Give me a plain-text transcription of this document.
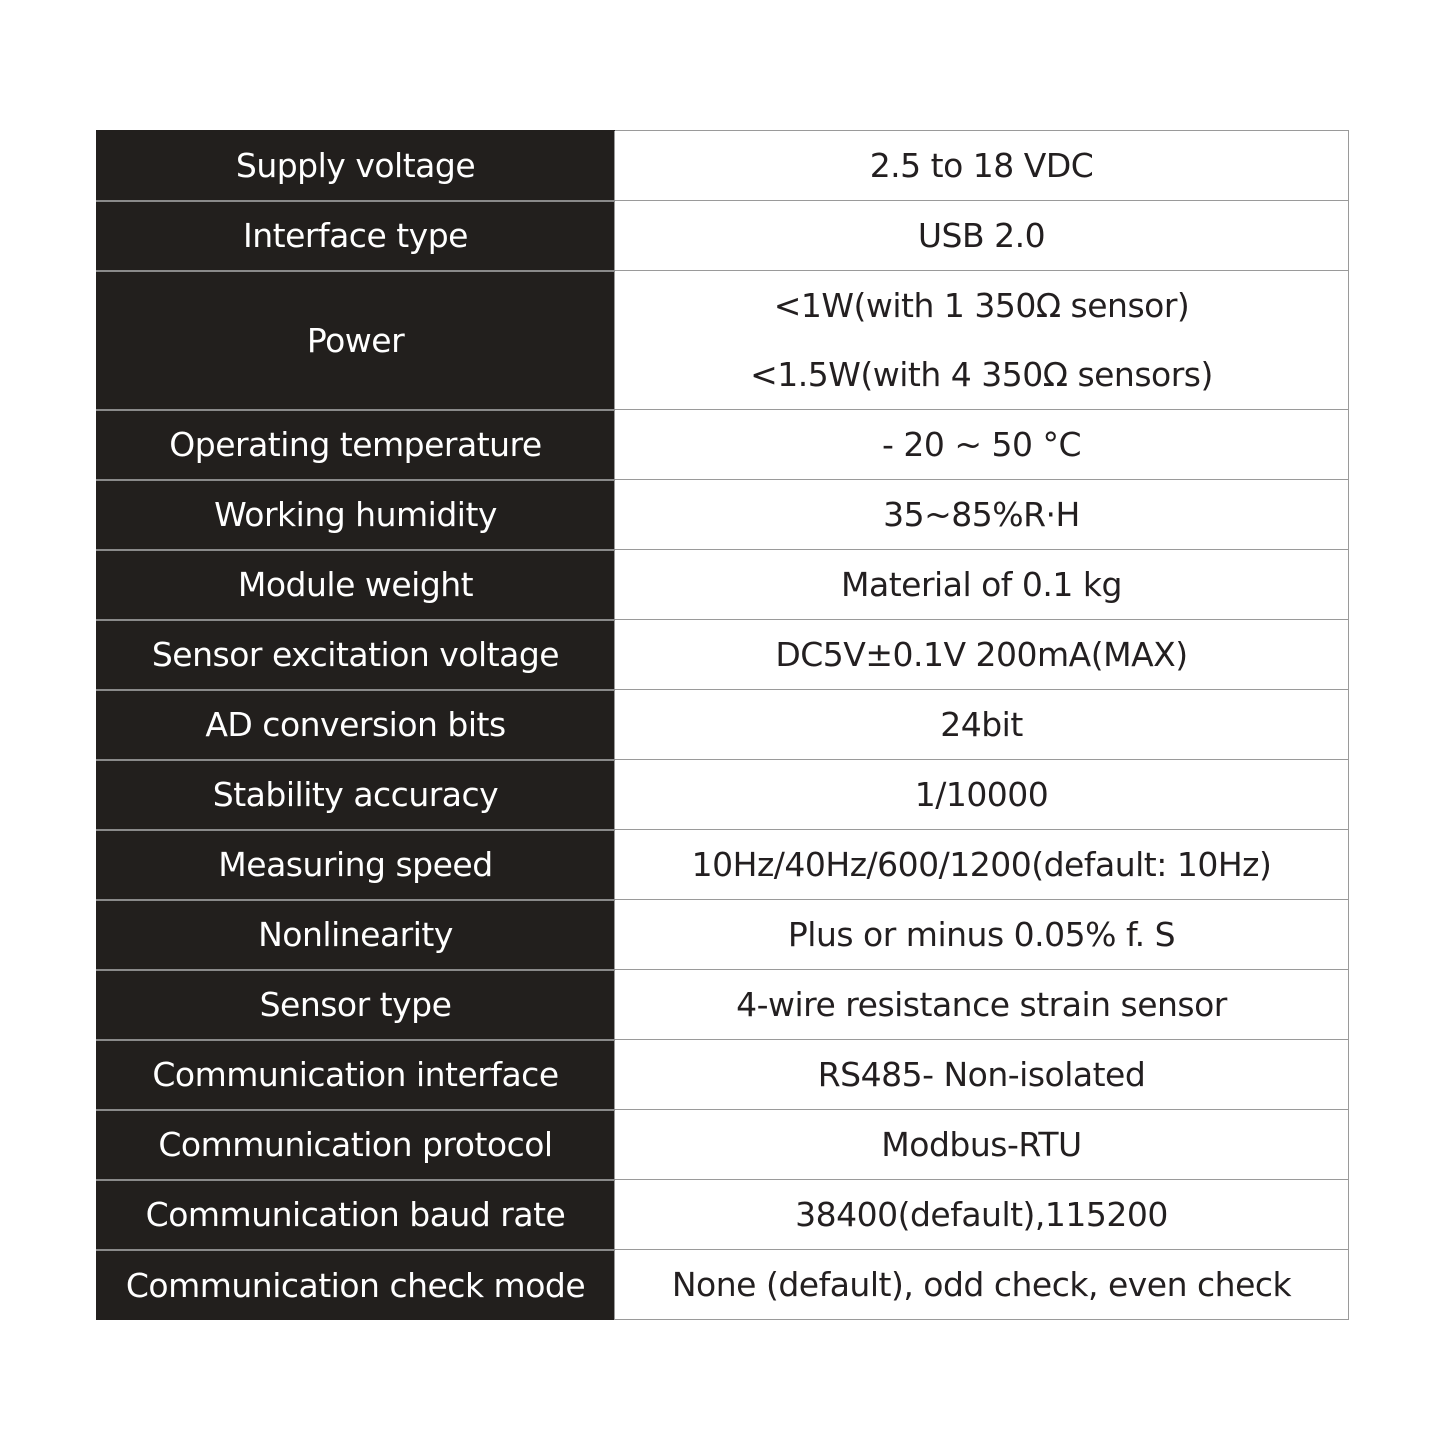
Supply voltage	2.5 to 18 VDC

Interface type	USB 2.0

Power	<1W(with 1 350Ω sensor)
<1.5W(with 4 350Ω sensors)

Operating temperature	- 20 ~ 50 °C

Working humidity	35~85%R·H

Module weight	Material of 0.1 kg

Sensor excitation voltage	DC5V±0.1V 200mA(MAX)

AD conversion bits	24bit

Stability accuracy	1/10000

Measuring speed	10Hz/40Hz/600/1200(default: 10Hz)

Nonlinearity	Plus or minus 0.05% f. S

Sensor type	4-wire resistance strain sensor

Communication interface	RS485- Non-isolated

Communication protocol	Modbus-RTU

Communication baud rate	38400(default),115200

Communication check mode	None (default), odd check, even check
